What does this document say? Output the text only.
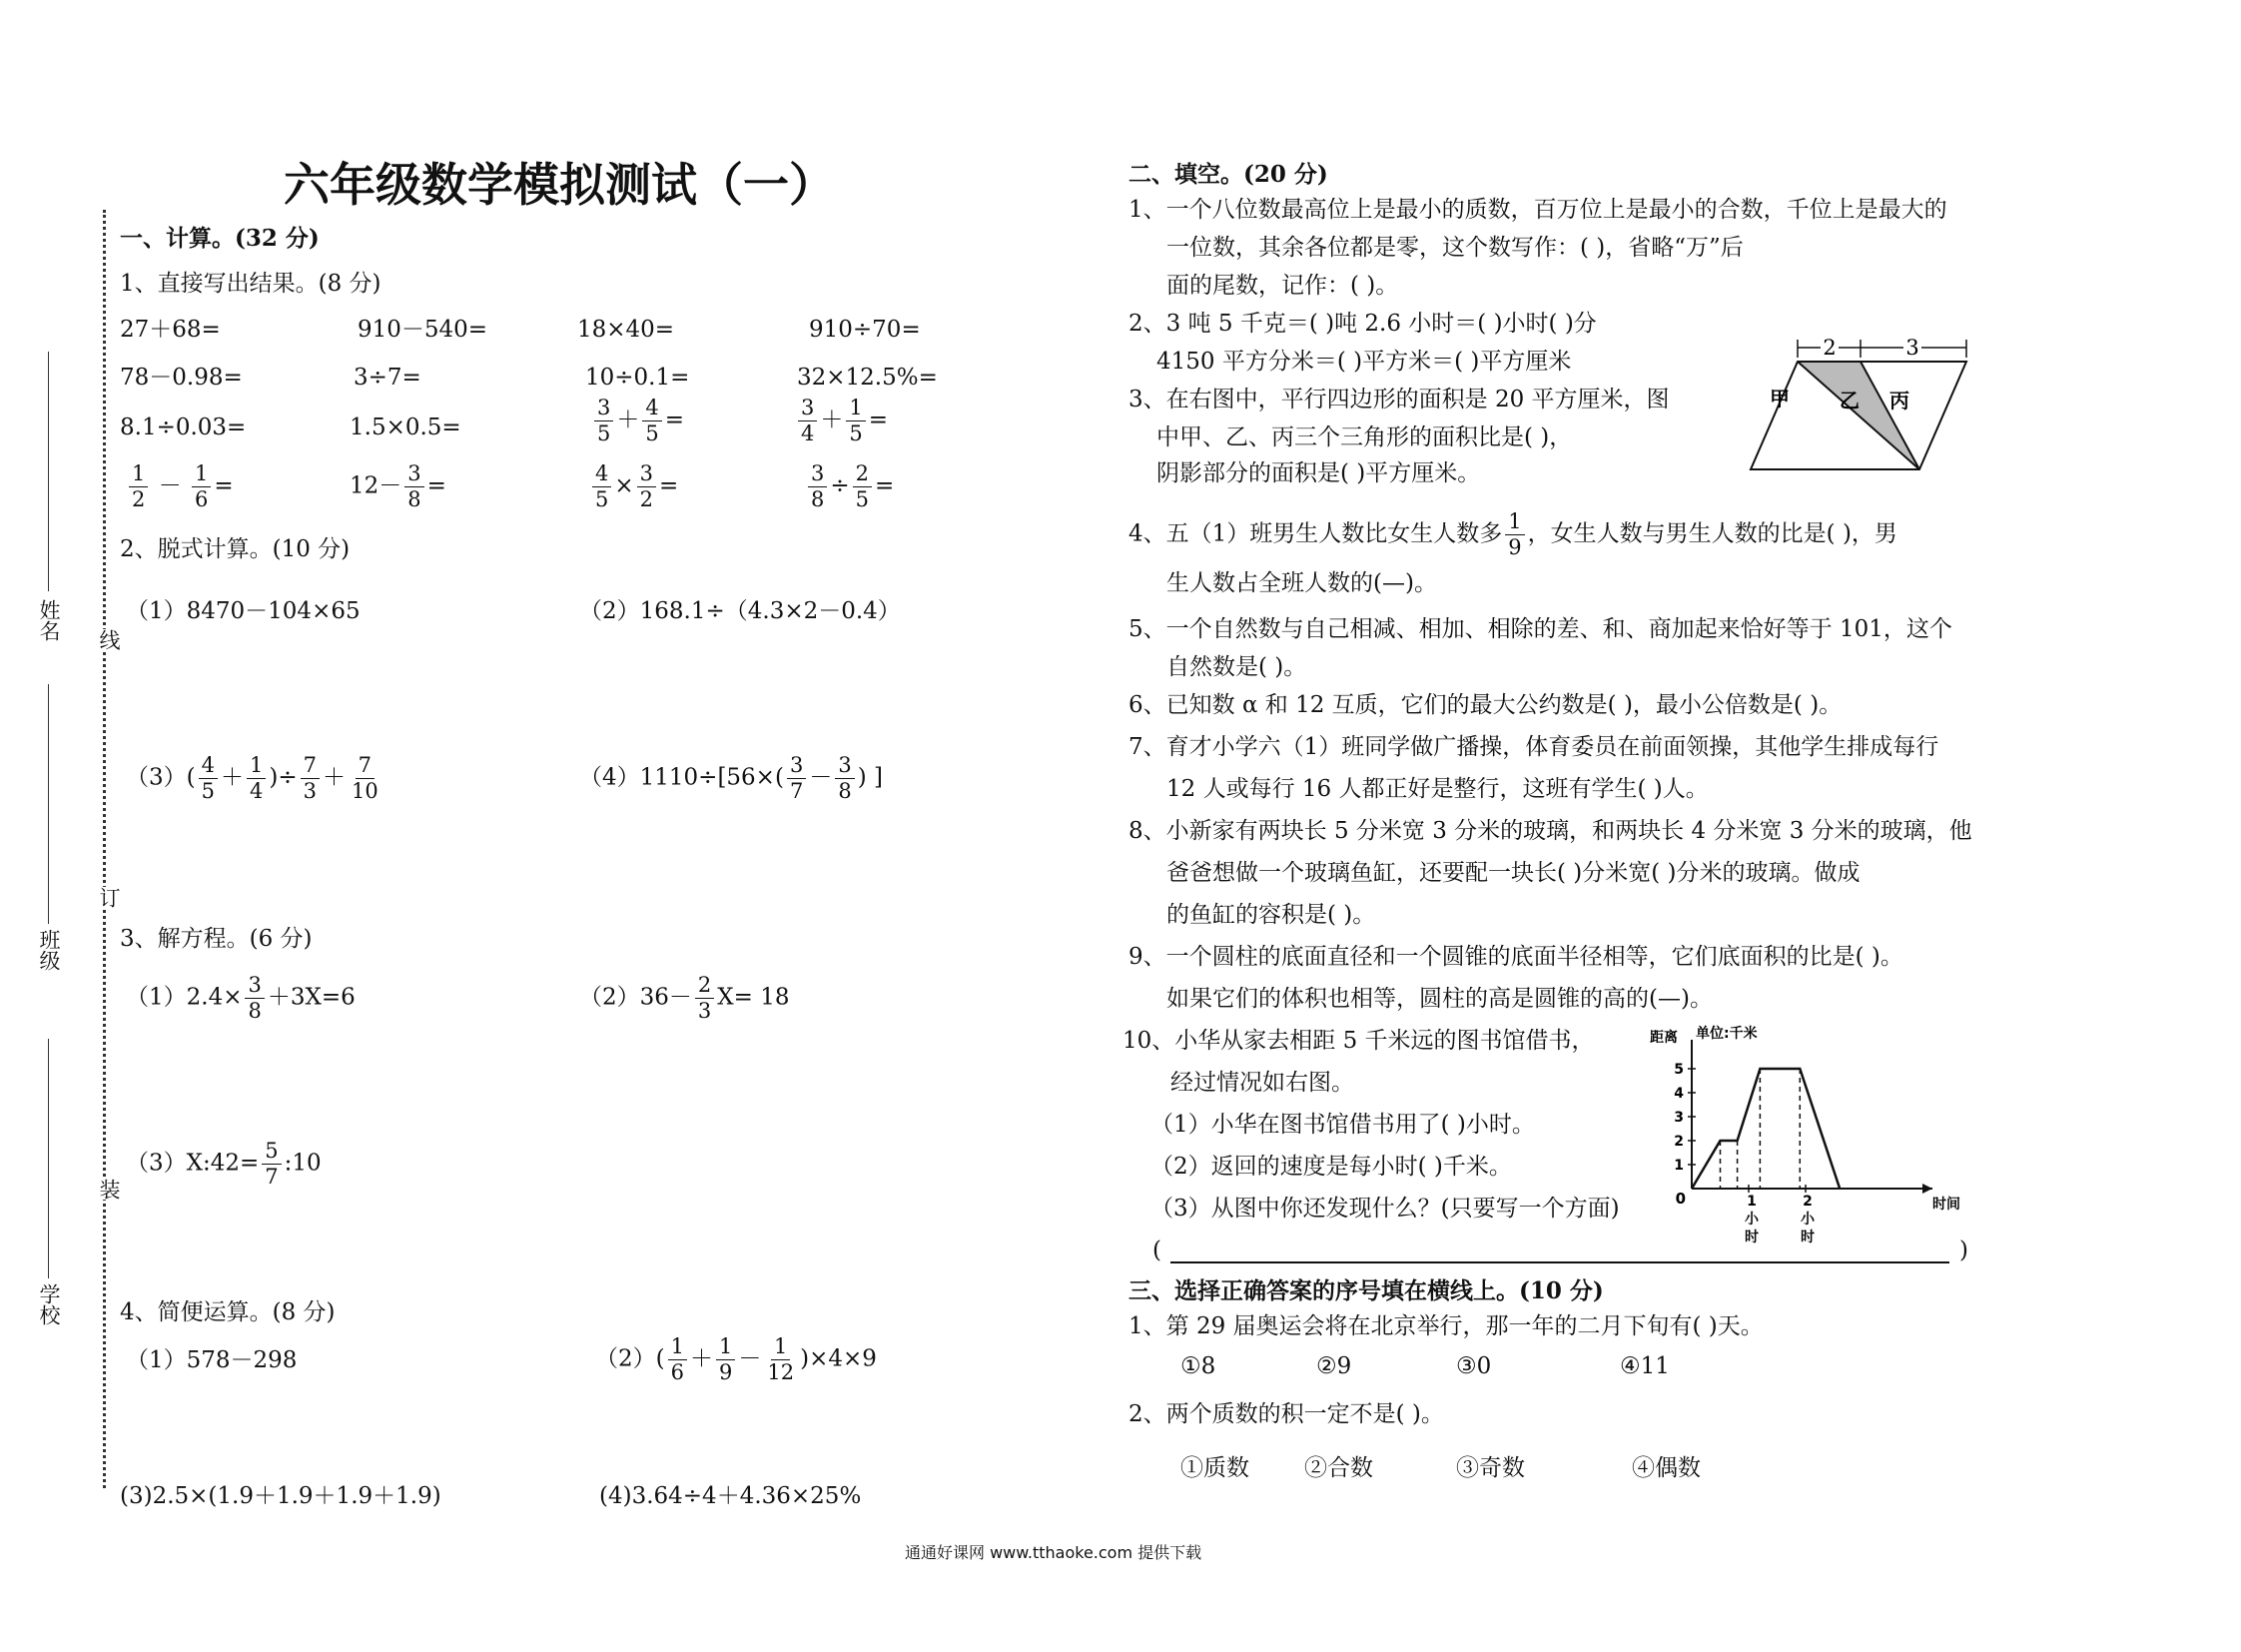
姓名
班级
学校
线
订
装
六年级数学模拟测试（一）
一、计算。(32 分)
1、直接写出结果。(8 分)
27＋68=	910－540=	18×40=	910÷70=
78－0.98=	3÷7=	10÷0.1=	32×12.5%=
8.1÷0.03=	1.5×0.5=	$\frac{3}{5} + \frac{4}{5}$ =	$\frac{3}{4} + \frac{1}{5}$ =
$\frac{1}{2} - \frac{1}{6}$ =	$12- \frac{3}{8}$ =	$\frac{4}{5} \times \frac{3}{2}$ =	$\frac{3}{8} \div \frac{2}{5}$ =
2、脱式计算。(10 分)
（1）8470－104×65	（2）168.1÷（4.3×2－0.4）
$(3)( \frac{4}{5} + \frac{1}{4}$ )÷ $\frac{7}{3} + \frac{7}{10}$	$(4)1110\div[56\times( \frac{3}{7} - \frac{3}{8}$ ) ]
3、解方程。(6 分)
$(1)2.4\times \frac{3}{8} +3X=6$	$(2)36- \frac{2}{3} X= 18$
（3）X:42= $\frac{5}{7}$ :10
4、简便运算。(8 分)
（1）578－298	$(2)( \frac{1}{6} + \frac{1}{9} - \frac{1}{12} )\times 4\times 9$
(3)2.5×(1.9＋1.9＋1.9＋1.9)	(4)3.64÷4＋4.36×25%
二、填空。(20 分)
1、一个八位数最高位上是最小的质数，百万位上是最小的合数，千位上是最大的
一位数，其余各位都是零，这个数写作：( )，省略“万”后
面的尾数，记作：( )。
2、3 吨 5 千克＝( )吨 2.6 小时＝( )小时( )分
4150 平方分米＝( )平方米＝( )平方厘米
3、在右图中，平行四边形的面积是 20 平方厘米，图
中甲、乙、丙三个三角形的面积比是( )，
阴影部分的面积是( )平方厘米。
2	3
甲	乙 丙
4、五（1）班男生人数比女生人数多 $\frac{1}{9}$ ，女生人数与男生人数的比是( )，男
生人数占全班人数的(—)。
5、一个自然数与自己相减、相加、相除的差、和、商加起来恰好等于 101，这个
自然数是( )。
6、已知数 α 和 12 互质，它们的最大公约数是( )，最小公倍数是( )。
7、育才小学六（1）班同学做广播操，体育委员在前面领操，其他学生排成每行
12 人或每行 16 人都正好是整行，这班有学生( )人。
8、小新家有两块长 5 分米宽 3 分米的玻璃，和两块长 4 分米宽 3 分米的玻璃，他
爸爸想做一个玻璃鱼缸，还要配一块长( )分米宽( )分米的玻璃。做成
的鱼缸的容积是( )。
9、一个圆柱的底面直径和一个圆锥的底面半径相等，它们底面积的比是( )。
如果它们的体积也相等，圆柱的高是圆锥的高的(—)。
10、小华从家去相距 5 千米远的图书馆借书，
经过情况如右图。
（1）小华在图书馆借书用了( )小时。
（2）返回的速度是每小时( )千米。
（3）从图中你还发现什么？(只要写一个方面)
(	)
距离 单位:千米
时间
0
1
2
3
4
5
1
小
时
2
小
时
三、选择正确答案的序号填在横线上。(10 分)
1、第 29 届奥运会将在北京举行，那一年的二月下旬有( )天。
①8	②9	③0	④11
2、两个质数的积一定不是( )。
①质数 ②合数	③奇数	④偶数
通通好课网 www.tthaoke.com 提供下载
